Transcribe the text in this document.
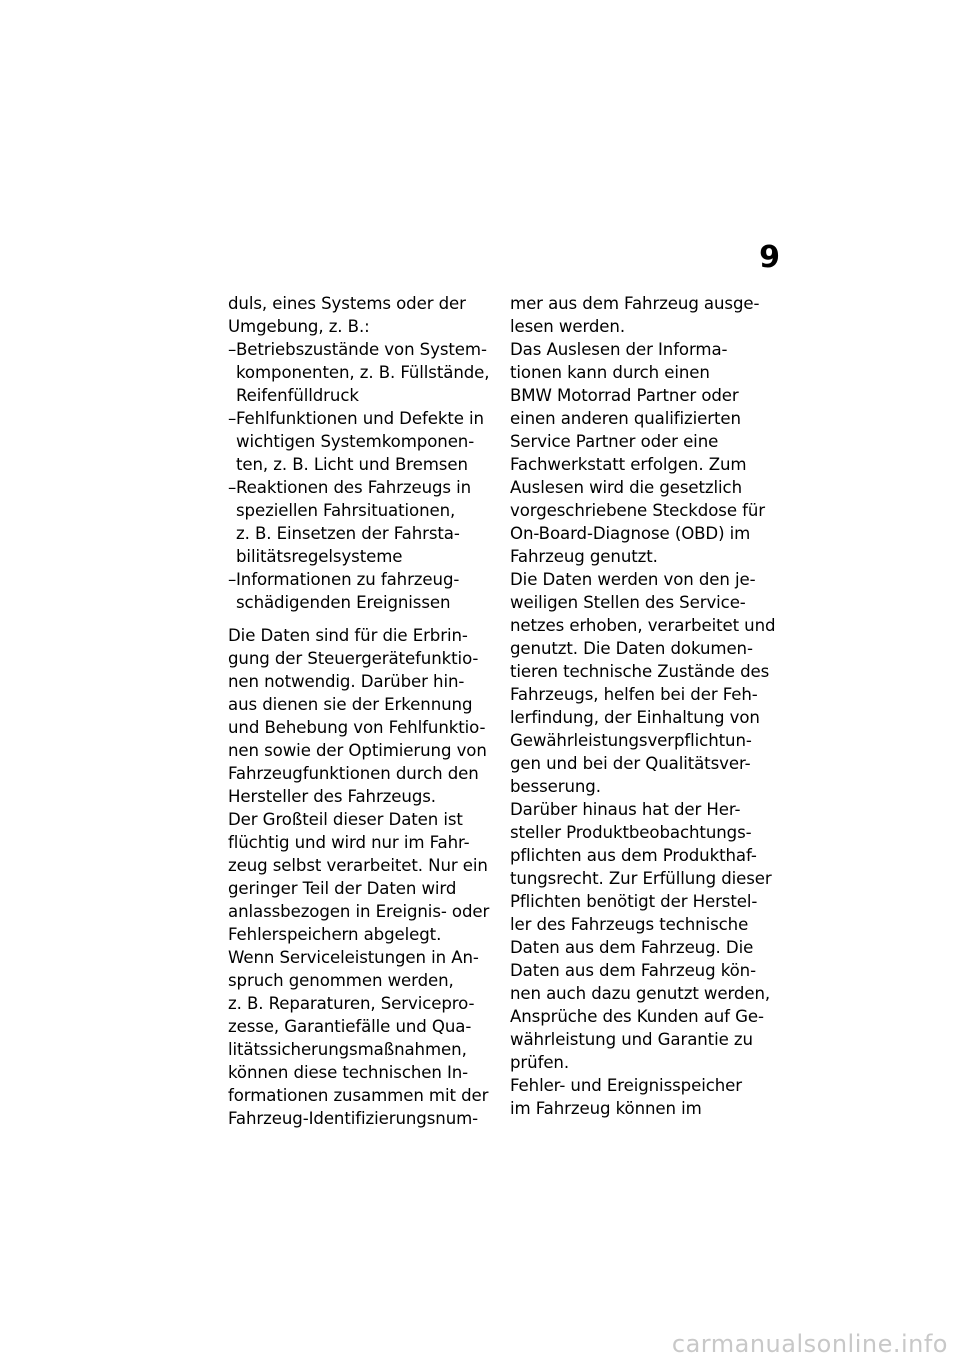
9
duls, eines Systems oder der
Umgebung, z. B.:
–Betriebszustände von System-
komponenten, z. B. Füllstände,
Reifenfülldruck
–Fehlfunktionen und Defekte in
wichtigen Systemkomponen-
ten, z. B. Licht und Bremsen
–Reaktionen des Fahrzeugs in
speziellen Fahrsituationen,
z. B. Einsetzen der Fahrsta-
bilitätsregelsysteme
–Informationen zu fahrzeug-
schädigenden Ereignissen
Die Daten sind für die Erbrin-
gung der Steuergerätefunktio-
nen notwendig. Darüber hin-
aus dienen sie der Erkennung
und Behebung von Fehlfunktio-
nen sowie der Optimierung von
Fahrzeugfunktionen durch den
Hersteller des Fahrzeugs.
Der Großteil dieser Daten ist
flüchtig und wird nur im Fahr-
zeug selbst verarbeitet. Nur ein
geringer Teil der Daten wird
anlassbezogen in Ereignis- oder
Fehlerspeichern abgelegt.
Wenn Serviceleistungen in An-
spruch genommen werden,
z. B. Reparaturen, Servicepro-
zesse, Garantiefälle und Qua-
litätssicherungsmaßnahmen,
können diese technischen In-
formationen zusammen mit der
Fahrzeug-Identifizierungsnum-
mer aus dem Fahrzeug ausge-
lesen werden.
Das Auslesen der Informa-
tionen kann durch einen
BMW Motorrad Partner oder
einen anderen qualifizierten
Service Partner oder eine
Fachwerkstatt erfolgen. Zum
Auslesen wird die gesetzlich
vorgeschriebene Steckdose für
On-Board-Diagnose (OBD) im
Fahrzeug genutzt.
Die Daten werden von den je-
weiligen Stellen des Service-
netzes erhoben, verarbeitet und
genutzt. Die Daten dokumen-
tieren technische Zustände des
Fahrzeugs, helfen bei der Feh-
lerfindung, der Einhaltung von
Gewährleistungsverpflichtun-
gen und bei der Qualitätsver-
besserung.
Darüber hinaus hat der Her-
steller Produktbeobachtungs-
pflichten aus dem Produkthaf-
tungsrecht. Zur Erfüllung dieser
Pflichten benötigt der Herstel-
ler des Fahrzeugs technische
Daten aus dem Fahrzeug. Die
Daten aus dem Fahrzeug kön-
nen auch dazu genutzt werden,
Ansprüche des Kunden auf Ge-
währleistung und Garantie zu
prüfen.
Fehler- und Ereignisspeicher
im Fahrzeug können im
carmanualsonline.info
